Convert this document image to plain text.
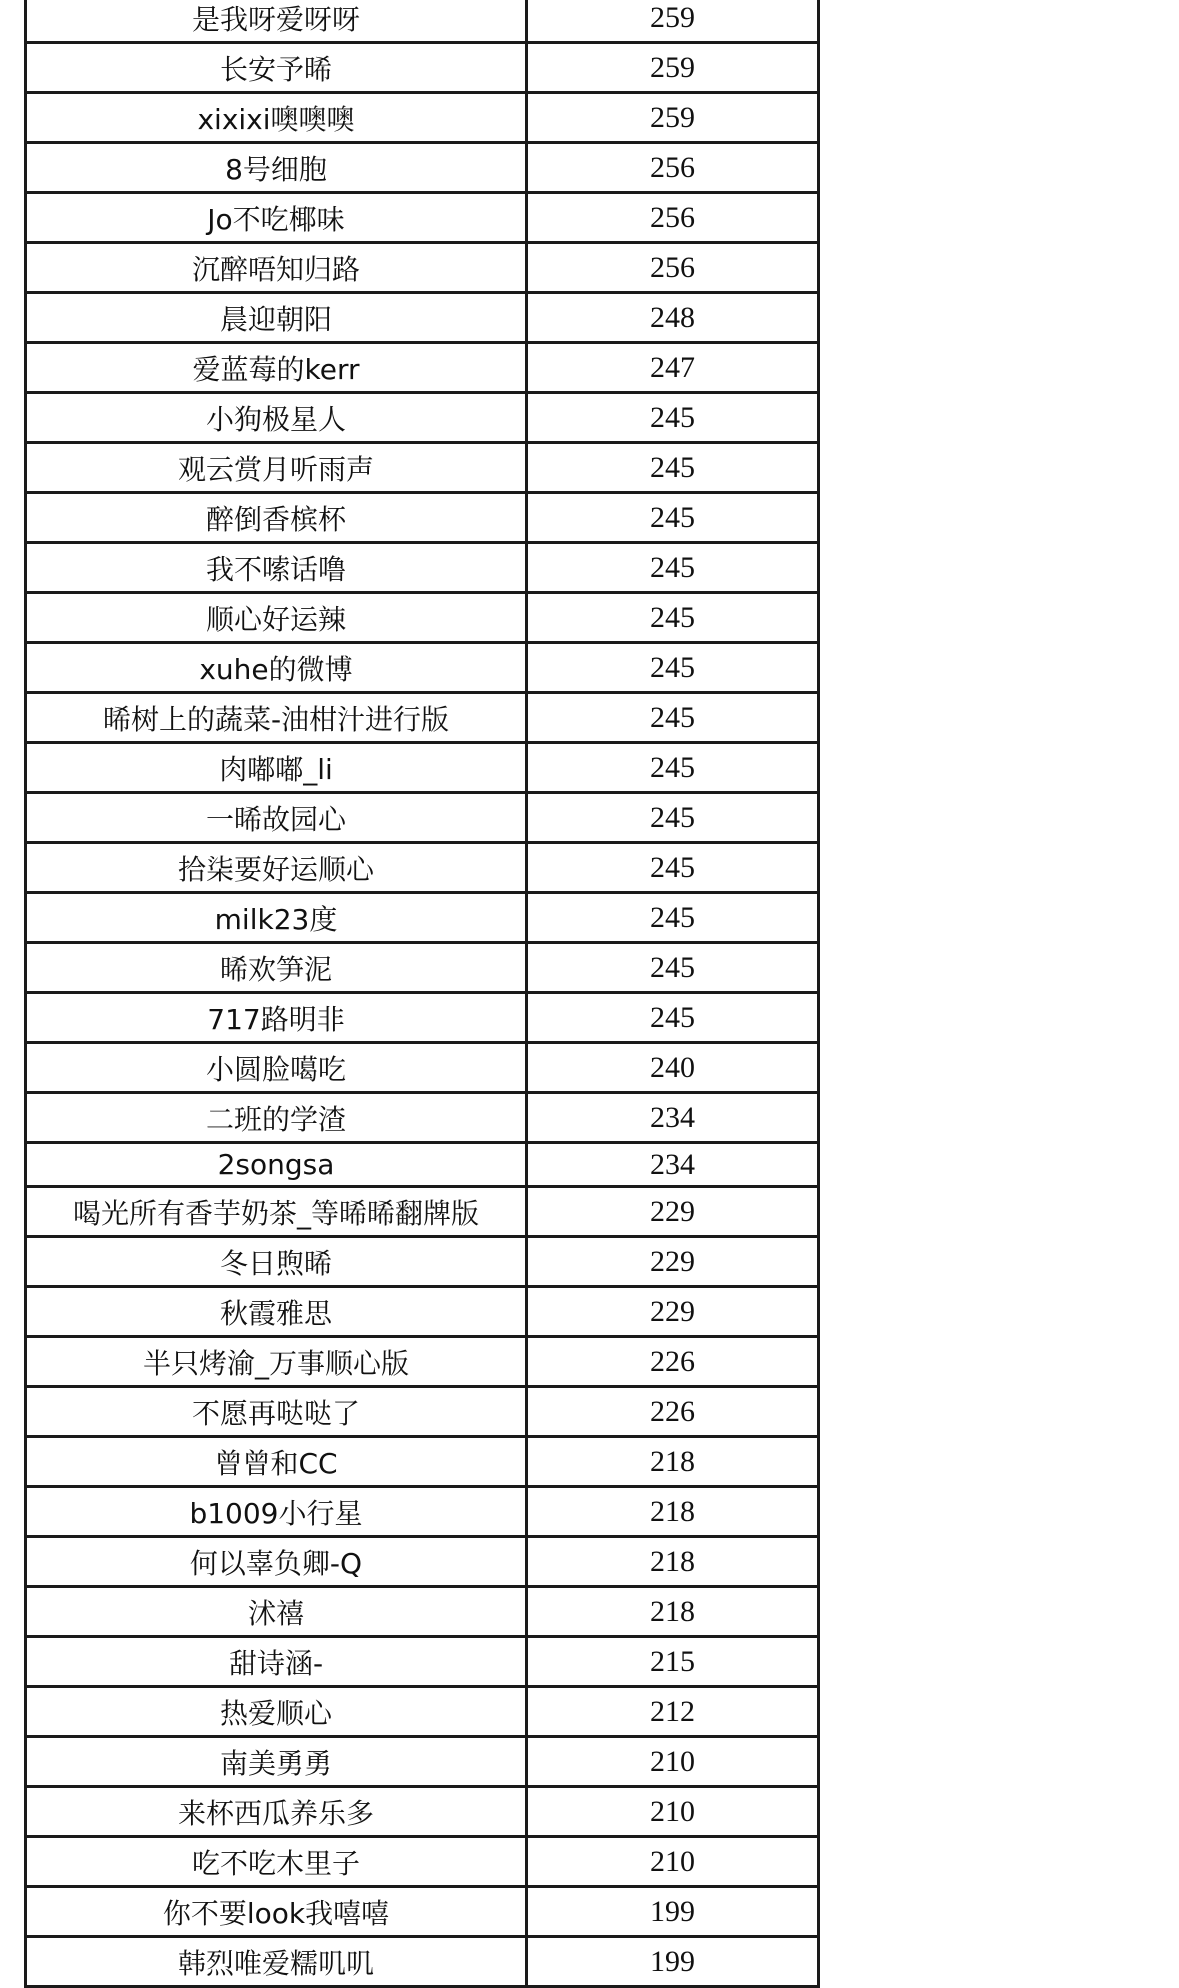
是我呀爱呀呀	259
长安予晞	259
xixixi噢噢噢	259
8号细胞	256
Jo不吃椰味	256
沉醉唔知归路	256
晨迎朝阳	248
爱蓝莓的kerr	247
小狗极星人	245
观云赏月听雨声	245
醉倒香槟杯	245
我不嗦话噜	245
顺心好运辣	245
xuhe的微博	245
晞树上的蔬菜-油柑汁进行版	245
肉嘟嘟_li	245
一晞故园心	245
拾柒要好运顺心	245
milk23度	245
晞欢笋泥	245
717路明非	245
小圆脸噶吃	240
二班的学渣	234
2songsa	234
喝光所有香芋奶茶_等晞晞翻牌版	229
冬日煦晞	229
秋霞雅思	229
半只烤渝_万事顺心版	226
不愿再哒哒了	226
曾曾和CC	218
b1009小行星	218
何以辜负卿-Q	218
沭禧	218
甜诗涵-	215
热爱顺心	212
南美勇勇	210
来杯西瓜养乐多	210
吃不吃木里子	210
你不要look我嘻嘻	199
韩烈唯爱糯叽叽	199
